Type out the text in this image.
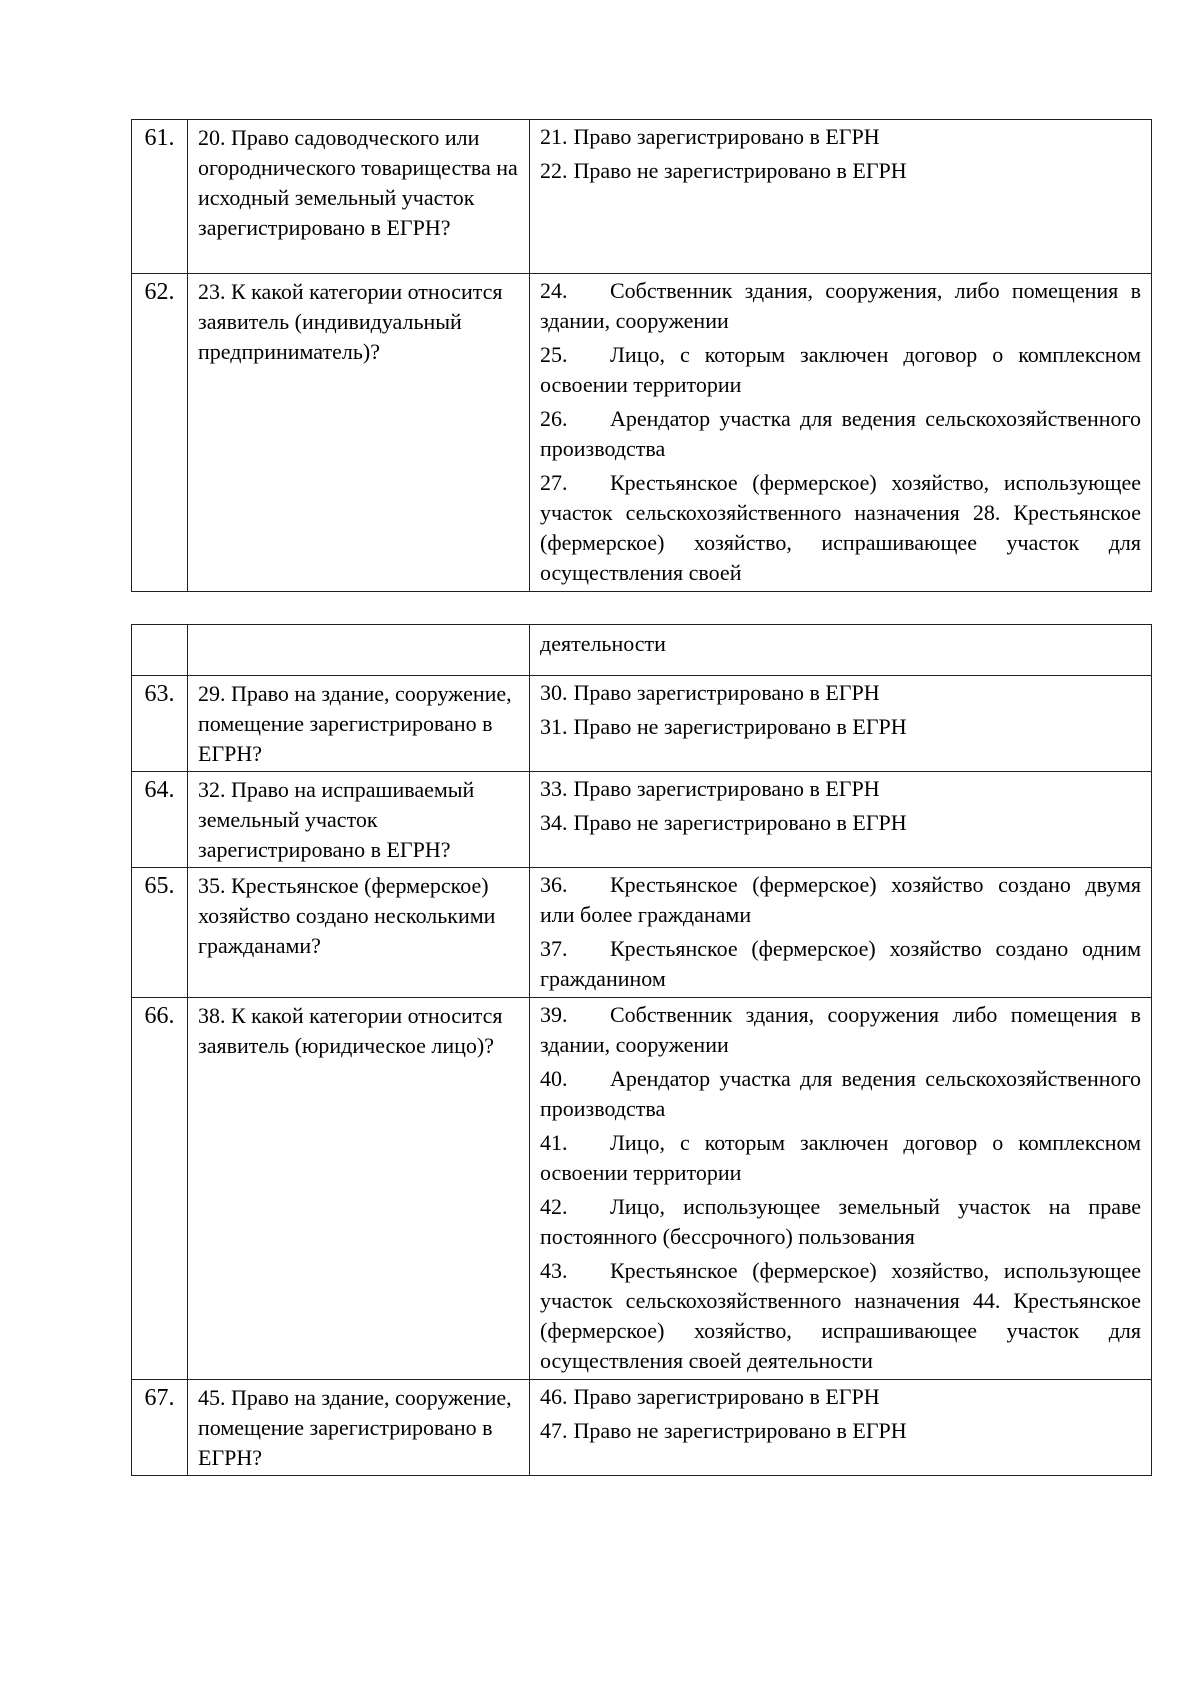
61.	20. Право садоводческого или огороднического товарищества на исходный земельный участок зарегистрировано в ЕГРН?	21. Право зарегистрировано в ЕГРН

22. Право не зарегистрировано в ЕГРН

62.	23. К какой категории относится заявитель (индивидуальный предприниматель)?	24. Собственник здания, сооружения, либо помещения в здании, сооружении

25. Лицо, с которым заключен договор о комплексном освоении территории

26. Арендатор участка для ведения сельскохозяйственного производства

27. Крестьянское (фермерское) хозяйство, использующее участок сельскохозяйственного назначения 28. Крестьянское (фермерское) хозяйство, испрашивающее участок для осуществления своей

		деятельности

63.	29. Право на здание, сооружение, помещение зарегистрировано в ЕГРН?	30. Право зарегистрировано в ЕГРН

31. Право не зарегистрировано в ЕГРН

64.	32. Право на испрашиваемый земельный участок зарегистрировано в ЕГРН?	33. Право зарегистрировано в ЕГРН

34. Право не зарегистрировано в ЕГРН

65.	35. Крестьянское (фермерское) хозяйство создано несколькими гражданами?	36. Крестьянское (фермерское) хозяйство создано двумя или более гражданами

37. Крестьянское (фермерское) хозяйство создано одним гражданином

66.	38. К какой категории относится заявитель (юридическое лицо)?	39. Собственник здания, сооружения либо помещения в здании, сооружении

40. Арендатор участка для ведения сельскохозяйственного производства

41. Лицо, с которым заключен договор о комплексном освоении территории

42. Лицо, использующее земельный участок на праве постоянного (бессрочного) пользования

43. Крестьянское (фермерское) хозяйство, использующее участок сельскохозяйственного назначения 44. Крестьянское (фермерское) хозяйство, испрашивающее участок для осуществления своей деятельности

67.	45. Право на здание, сооружение, помещение зарегистрировано в ЕГРН?	46. Право зарегистрировано в ЕГРН

47. Право не зарегистрировано в ЕГРН
